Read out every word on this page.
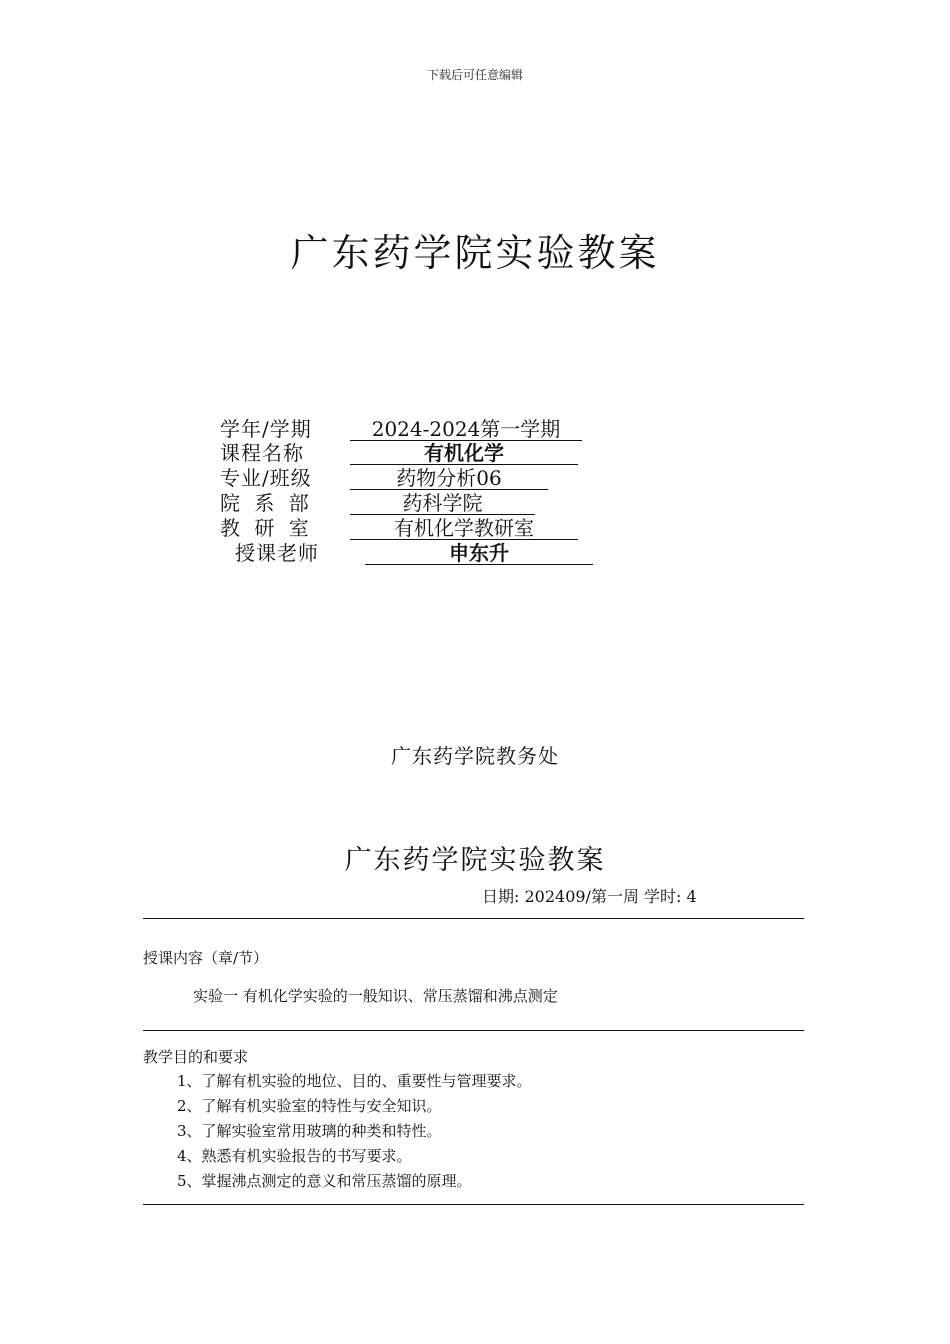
下载后可任意编辑
广东药学院实验教案
学年/学期	2024-2024第一学期
课程名称	有机化学
专业/班级	药物分析06
院 系 部	药科学院
教 研 室	有机化学教研室
授课老师	申东升
广东药学院教务处
广东药学院实验教案
日期: 202409/第一周 学时: 4
授课内容（章/节）
实验一 有机化学实验的一般知识、常压蒸馏和沸点测定
教学目的和要求
1、了解有机实验的地位、目的、重要性与管理要求。
2、了解有机实验室的特性与安全知识。
3、了解实验室常用玻璃的种类和特性。
4、熟悉有机实验报告的书写要求。
5、掌握沸点测定的意义和常压蒸馏的原理。
